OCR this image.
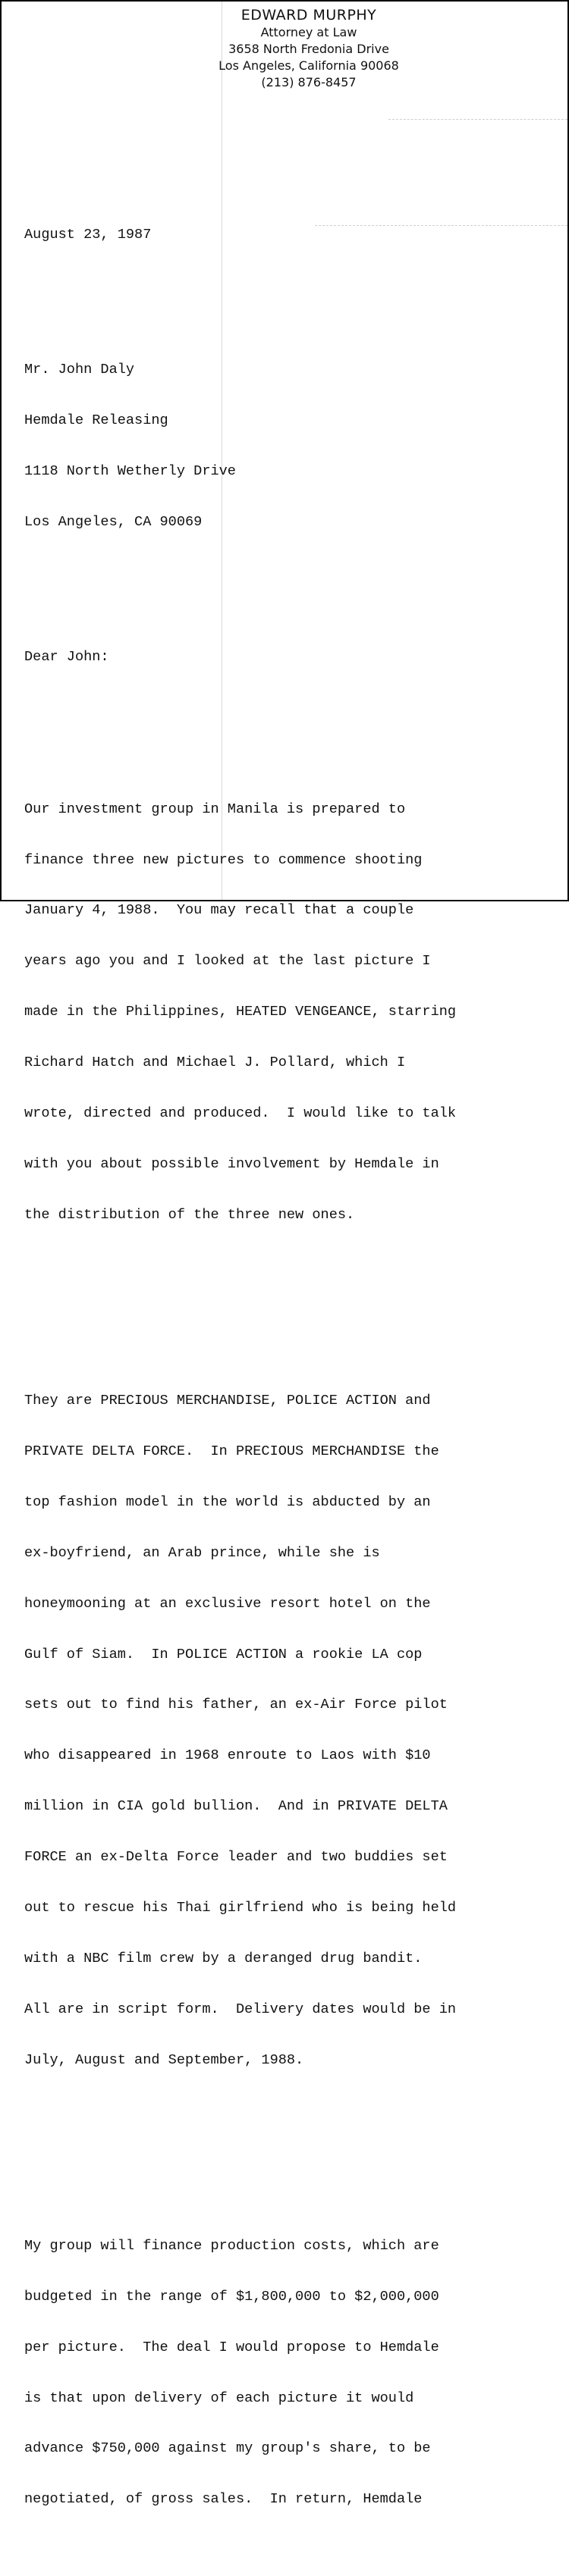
EDWARD MURPHY
Attorney at Law
3658 North Fredonia Drive
Los Angeles, California 90068
(213) 876-8457

August 23, 1987

Mr. John Daly

Hemdale Releasing

1118 North Wetherly Drive

Los Angeles, CA 90069

Dear John:

Our investment group in Manila is prepared to

finance three new pictures to commence shooting

January 4, 1988.  You may recall that a couple

years ago you and I looked at the last picture I

made in the Philippines, HEATED VENGEANCE, starring

Richard Hatch and Michael J. Pollard, which I

wrote, directed and produced.  I would like to talk

with you about possible involvement by Hemdale in

the distribution of the three new ones.

They are PRECIOUS MERCHANDISE, POLICE ACTION and

PRIVATE DELTA FORCE.  In PRECIOUS MERCHANDISE the

top fashion model in the world is abducted by an

ex-boyfriend, an Arab prince, while she is

honeymooning at an exclusive resort hotel on the

Gulf of Siam.  In POLICE ACTION a rookie LA cop

sets out to find his father, an ex-Air Force pilot

who disappeared in 1968 enroute to Laos with $10

million in CIA gold bullion.  And in PRIVATE DELTA

FORCE an ex-Delta Force leader and two buddies set

out to rescue his Thai girlfriend who is being held

with a NBC film crew by a deranged drug bandit.

All are in script form.  Delivery dates would be in

July, August and September, 1988.

My group will finance production costs, which are

budgeted in the range of $1,800,000 to $2,000,000

per picture.  The deal I would propose to Hemdale

is that upon delivery of each picture it would

advance $750,000 against my group's share, to be

negotiated, of gross sales.  In return, Hemdale
